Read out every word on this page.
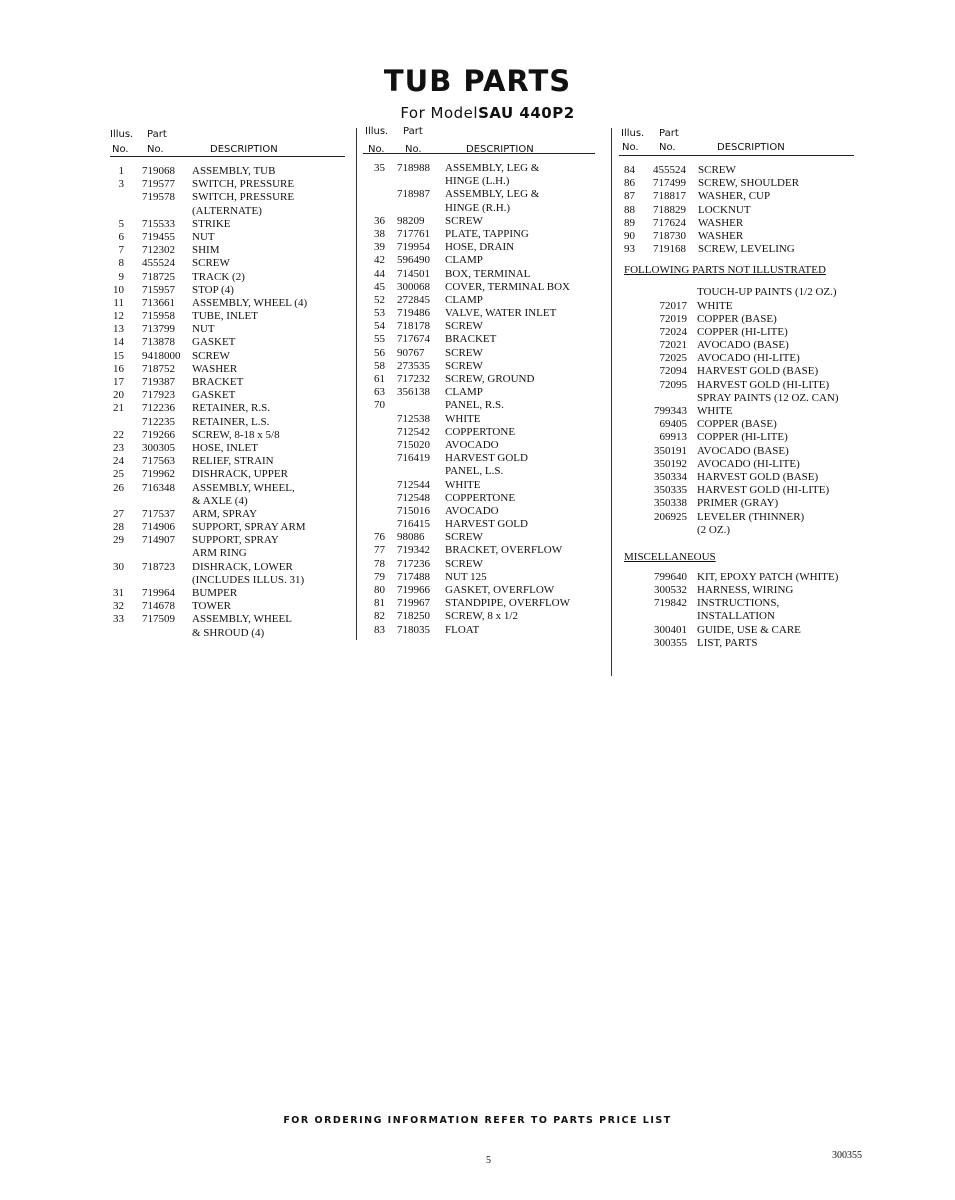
TUB PARTS
For ModelSAU 440P2
Illus. Part
No. No.	DESCRIPTION
1 719068 ASSEMBLY, TUB
3 719577 SWITCH, PRESSURE
719578 SWITCH, PRESSURE
(ALTERNATE)
5 715533 STRIKE
6 719455 NUT
7 712302 SHIM
8 455524 SCREW
9 718725 TRACK (2)
10 715957 STOP (4)
11 713661 ASSEMBLY, WHEEL (4)
12 715958 TUBE, INLET
13 713799 NUT
14 713878 GASKET
15 9418000 SCREW
16 718752 WASHER
17 719387 BRACKET
20 717923 GASKET
21 712236 RETAINER, R.S.
712235 RETAINER, L.S.
22 719266 SCREW, 8-18 x 5/8
23 300305 HOSE, INLET
24 717563 RELIEF, STRAIN
25 719962 DISHRACK, UPPER
26 716348 ASSEMBLY, WHEEL,
& AXLE (4)
27 717537 ARM, SPRAY
28 714906 SUPPORT, SPRAY ARM
29 714907 SUPPORT, SPRAY
ARM RING
30 718723 DISHRACK, LOWER
(INCLUDES ILLUS. 31)
31 719964 BUMPER
32 714678 TOWER
33 717509 ASSEMBLY, WHEEL
& SHROUD (4)
Illus. Part
No. No.	DESCRIPTION
35 718988 ASSEMBLY, LEG &
HINGE (L.H.)
718987 ASSEMBLY, LEG &
HINGE (R.H.)
36 98209 SCREW
38 717761 PLATE, TAPPING
39 719954 HOSE, DRAIN
42 596490 CLAMP
44 714501 BOX, TERMINAL
45 300068 COVER, TERMINAL BOX
52 272845 CLAMP
53 719486 VALVE, WATER INLET
54 718178 SCREW
55 717674 BRACKET
56 90767 SCREW
58 273535 SCREW
61 717232 SCREW, GROUND
63 356138 CLAMP
70	PANEL, R.S.
712538 WHITE
712542 COPPERTONE
715020 AVOCADO
716419 HARVEST GOLD
PANEL, L.S.
712544 WHITE
712548 COPPERTONE
715016 AVOCADO
716415 HARVEST GOLD
76 98086 SCREW
77 719342 BRACKET, OVERFLOW
78 717236 SCREW
79 717488 NUT 125
80 719966 GASKET, OVERFLOW
81 719967 STANDPIPE, OVERFLOW
82 718250 SCREW, 8 x 1/2
83 718035 FLOAT
Illus. Part
No. No.	DESCRIPTION
84 455524 SCREW
86 717499 SCREW, SHOULDER
87 718817 WASHER, CUP
88 718829 LOCKNUT
89 717624 WASHER
90 718730 WASHER
93 719168 SCREW, LEVELING
FOLLOWING PARTS NOT ILLUSTRATED
TOUCH-UP PAINTS (1/2 OZ.)
72017 WHITE
72019 COPPER (BASE)
72024 COPPER (HI-LITE)
72021 AVOCADO (BASE)
72025 AVOCADO (HI-LITE)
72094 HARVEST GOLD (BASE)
72095 HARVEST GOLD (HI-LITE)
SPRAY PAINTS (12 OZ. CAN)
799343 WHITE
69405 COPPER (BASE)
69913 COPPER (HI-LITE)
350191 AVOCADO (BASE)
350192 AVOCADO (HI-LITE)
350334 HARVEST GOLD (BASE)
350335 HARVEST GOLD (HI-LITE)
350338 PRIMER (GRAY)
206925 LEVELER (THINNER)
(2 OZ.)
MISCELLANEOUS
799640 KIT, EPOXY PATCH (WHITE)
300532 HARNESS, WIRING
719842 INSTRUCTIONS,
INSTALLATION
300401 GUIDE, USE & CARE
300355 LIST, PARTS
FOR ORDERING INFORMATION REFER TO PARTS PRICE LIST
5	300355
